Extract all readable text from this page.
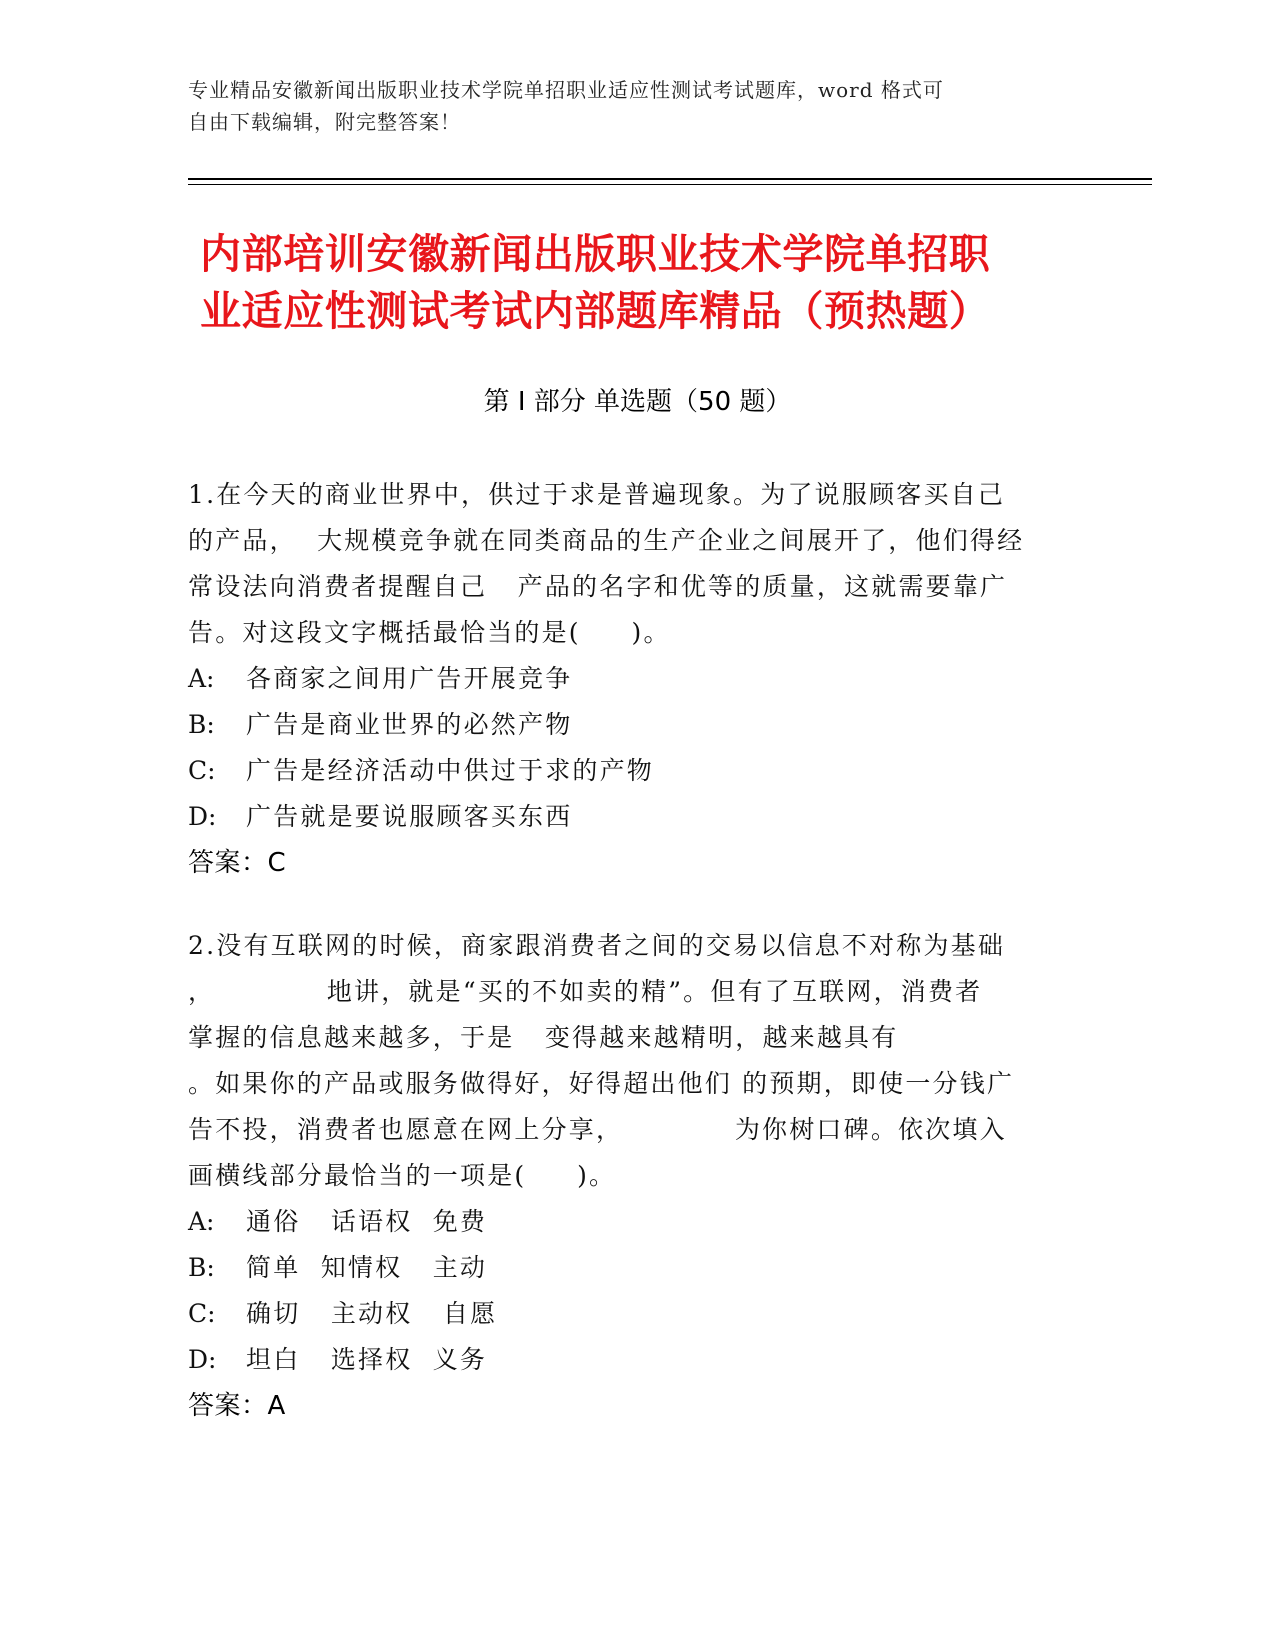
专业精品安徽新闻出版职业技术学院单招职业适应性测试考试题库，word 格式可
自由下载编辑，附完整答案！
内部培训安徽新闻出版职业技术学院单招职
业适应性测试考试内部题库精品（预热题）
第 I 部分 单选题（50 题）
1.在今天的商业世界中，供过于求是普遍现象。为了说服顾客买自己
的产品，  大规模竞争就在同类商品的生产企业之间展开了，他们得经
常设法向消费者提醒自己   产品的名字和优等的质量，这就需要靠广
告。对这段文字概括最恰当的是(     )。
A: 各商家之间用广告开展竞争
B: 广告是商业世界的必然产物
C: 广告是经济活动中供过于求的产物
D: 广告就是要说服顾客买东西
答案：C
2.没有互联网的时候，商家跟消费者之间的交易以信息不对称为基础
，           地讲，就是“买的不如卖的精”。但有了互联网，消费者
掌握的信息越来越多，于是   变得越来越精明，越来越具有
。如果你的产品或服务做得好，好得超出他们 的预期，即使一分钱广
告不投，消费者也愿意在网上分享，           为你树口碑。依次填入
画横线部分最恰当的一项是(     )。
A: 通俗   话语权  免费
B: 简单  知情权   主动
C: 确切   主动权   自愿
D: 坦白   选择权  义务
答案：A
